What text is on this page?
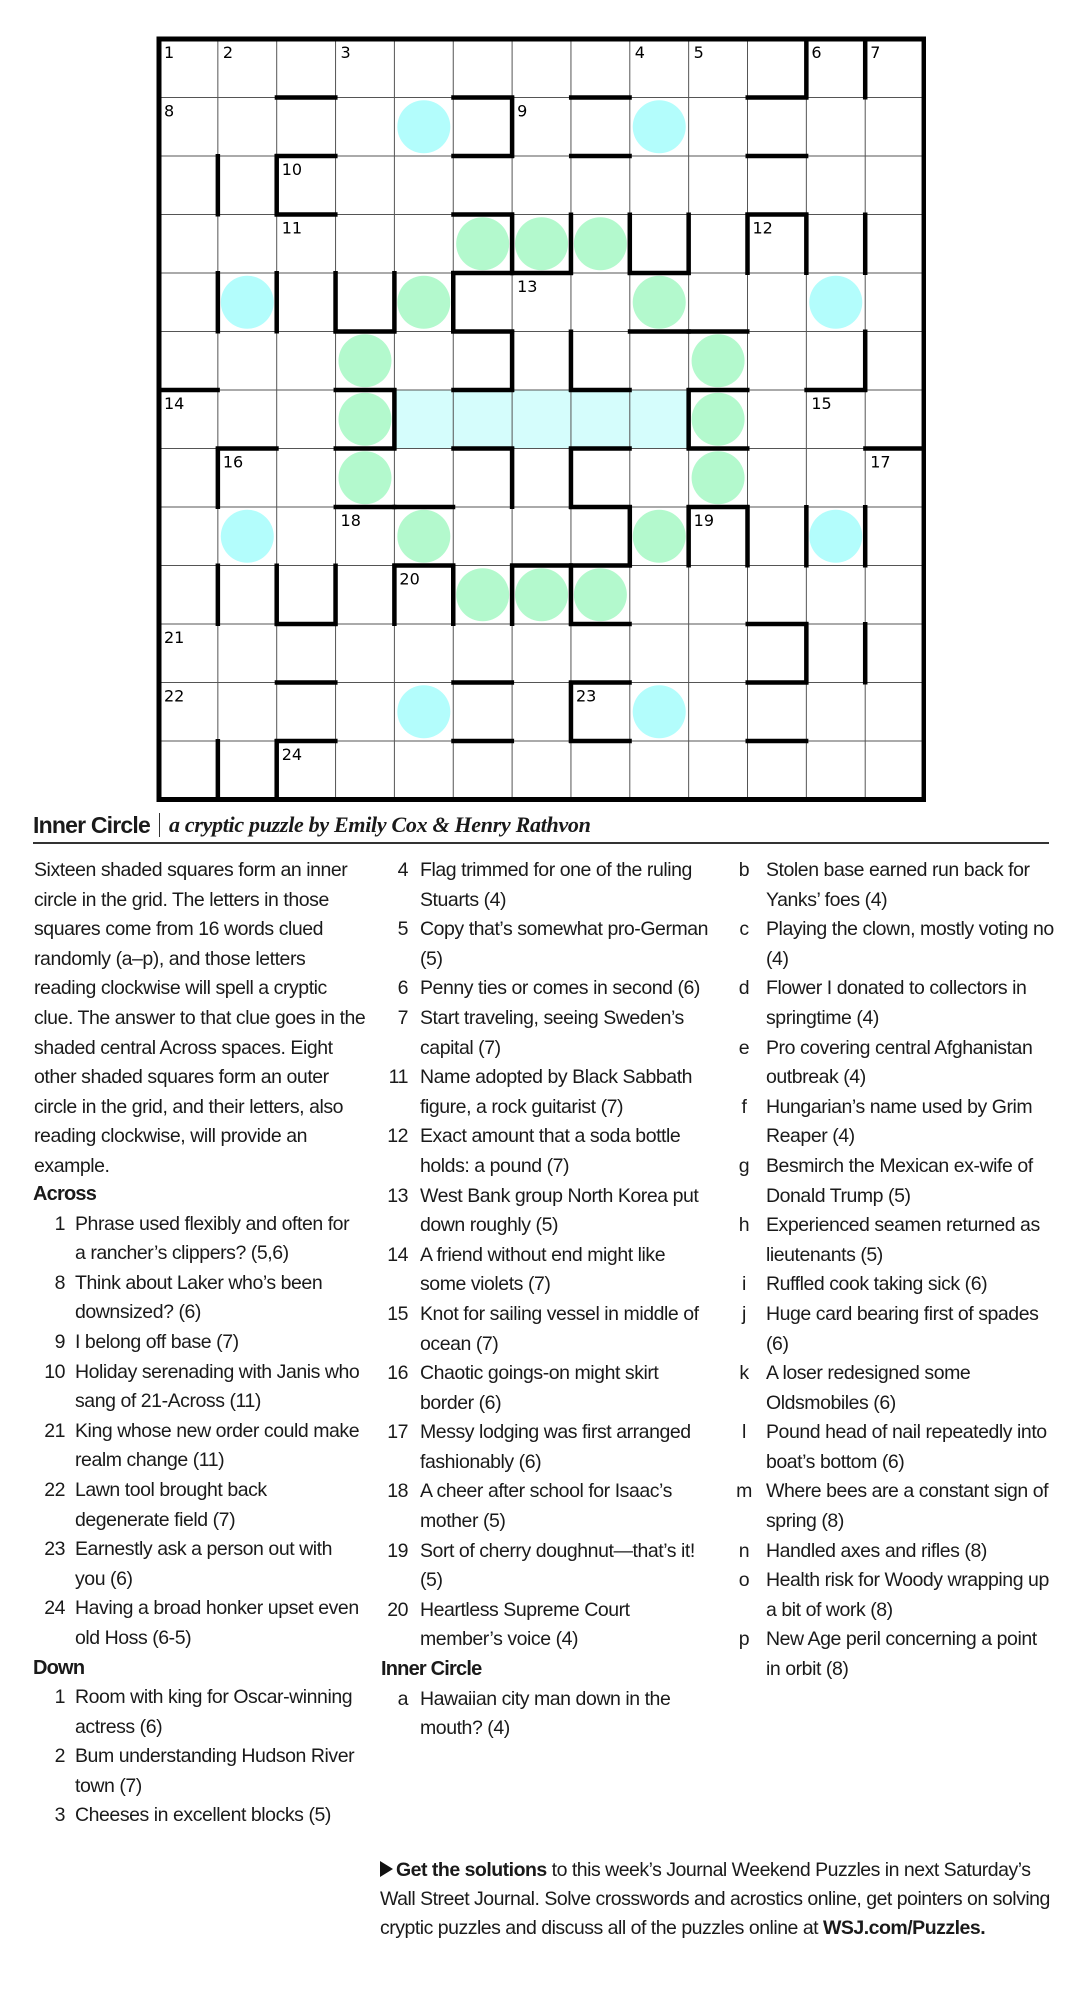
1	2	3	4	5	6	7
8	9
10
11	12
13
14	15
16	17
18	19
20
21
22	23
24
Inner Circle a cryptic puzzle by Emily Cox & Henry Rathvon
Sixteen shaded squares form an inner circle in the grid. The letters in those squares come from 16 words clued randomly (a–p), and those letters reading clockwise will spell a cryptic clue. The answer to that clue goes in the shaded central Across spaces. Eight other shaded squares form an outer circle in the grid, and their letters, also reading clockwise, will provide an example.
Across
1 Phrase used flexibly and often for a rancher’s clippers? (5,6)
8 Think about Laker who’s been downsized? (6)
9 I belong off base (7)
10 Holiday serenading with Janis who sang of 21-Across (11)
21 King whose new order could make realm change (11)
22 Lawn tool brought back degenerate field (7)
23 Earnestly ask a person out with you (6)
24 Having a broad honker upset even old Hoss (6-5)
Down
1 Room with king for Oscar-winning actress (6)
2 Bum understanding Hudson River town (7)
3 Cheeses in excellent blocks (5)
4 Flag trimmed for one of the ruling Stuarts (4)
5 Copy that’s somewhat pro-German (5)
6 Penny ties or comes in second (6)
7 Start traveling, seeing Sweden’s capital (7)
11 Name adopted by Black Sabbath figure, a rock guitarist (7)
12 Exact amount that a soda bottle holds: a pound (7)
13 West Bank group North Korea put down roughly (5)
14 A friend without end might like some violets (7)
15 Knot for sailing vessel in middle of ocean (7)
16 Chaotic goings-on might skirt border (6)
17 Messy lodging was first arranged fashionably (6)
18 A cheer after school for Isaac’s mother (5)
19 Sort of cherry doughnut—that’s it! (5)
20 Heartless Supreme Court member’s voice (4)
Inner Circle
a Hawaiian city man down in the mouth? (4)
b Stolen base earned run back for Yanks’ foes (4)
c Playing the clown, mostly voting no (4)
d Flower I donated to collectors in springtime (4)
e Pro covering central Afghanistan outbreak (4)
f	Hungarian’s name used by Grim Reaper (4)
g Besmirch the Mexican ex-wife of Donald Trump (5)
h Experienced seamen returned as lieutenants (5)
i	Ruffled cook taking sick (6)
j	Huge card bearing first of spades (6)
k A loser redesigned some Oldsmobiles (6)
l	Pound head of nail repeatedly into boat’s bottom (6)
m Where bees are a constant sign of spring (8)
n Handled axes and rifles (8)
o Health risk for Woody wrapping up a bit of work (8)
p New Age peril concerning a point in orbit (8)
Get the solutions to this week’s Journal Weekend Puzzles in next Saturday’s Wall Street Journal. Solve crosswords and acrostics online, get pointers on solving cryptic puzzles and discuss all of the puzzles online at WSJ.com/Puzzles.
